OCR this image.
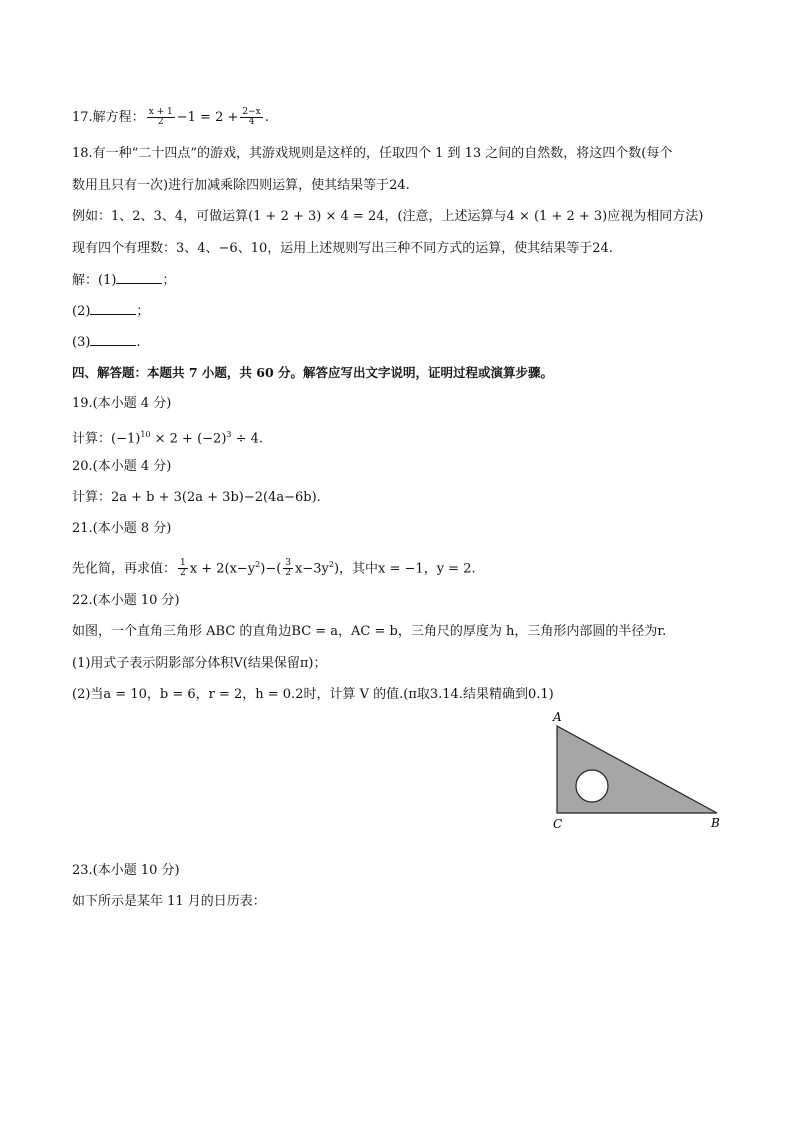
17.解方程： $\frac{x + 1}{2} -1 = 2 + \frac{2-x}{4}$ .
18.有一种“二十四点”的游戏，其游戏规则是这样的，任取四个 1 到 13 之间的自然数，将这四个数(每个
数用且只有一次)进行加减乘除四则运算，使其结果等于24.
例如：1、2、3、4，可做运算(1 + 2 + 3) × 4 = 24，(注意，上述运算与4 × (1 + 2 + 3)应视为相同方法)
现有四个有理数：3、4、−6、10，运用上述规则写出三种不同方式的运算，使其结果等于24.
解：(1)	；
(2)	；
(3)	.
四、解答题：本题共 7 小题，共 60 分。解答应写出文字说明，证明过程或演算步骤。
19.(本小题 4 分)
计算：$(-1)^{10} \times 2 + (-2)^3 \div 4$.
20.(本小题 4 分)
计算：2a + b + 3(2a + 3b)−2(4a−6b).
21.(本小题 8 分)
先化简，再求值： $\frac{1}{2}$ $x + 2(x-y^2)-( \frac{3}{2} x-3y^2)$，其中x = −1，y = 2.
22.(本小题 10 分)
如图，一个直角三角形 ABC 的直角边BC = a，AC = b，三角尺的厚度为 h，三角形内部圆的半径为r.
(1)用式子表示阴影部分体积V(结果保留π)；
(2)当a = 10，b = 6，r = 2，h = 0.2时，计算 V 的值.(π取3.14.结果精确到0.1)
A
C	B
23.(本小题 10 分)
如下所示是某年 11 月的日历表：
